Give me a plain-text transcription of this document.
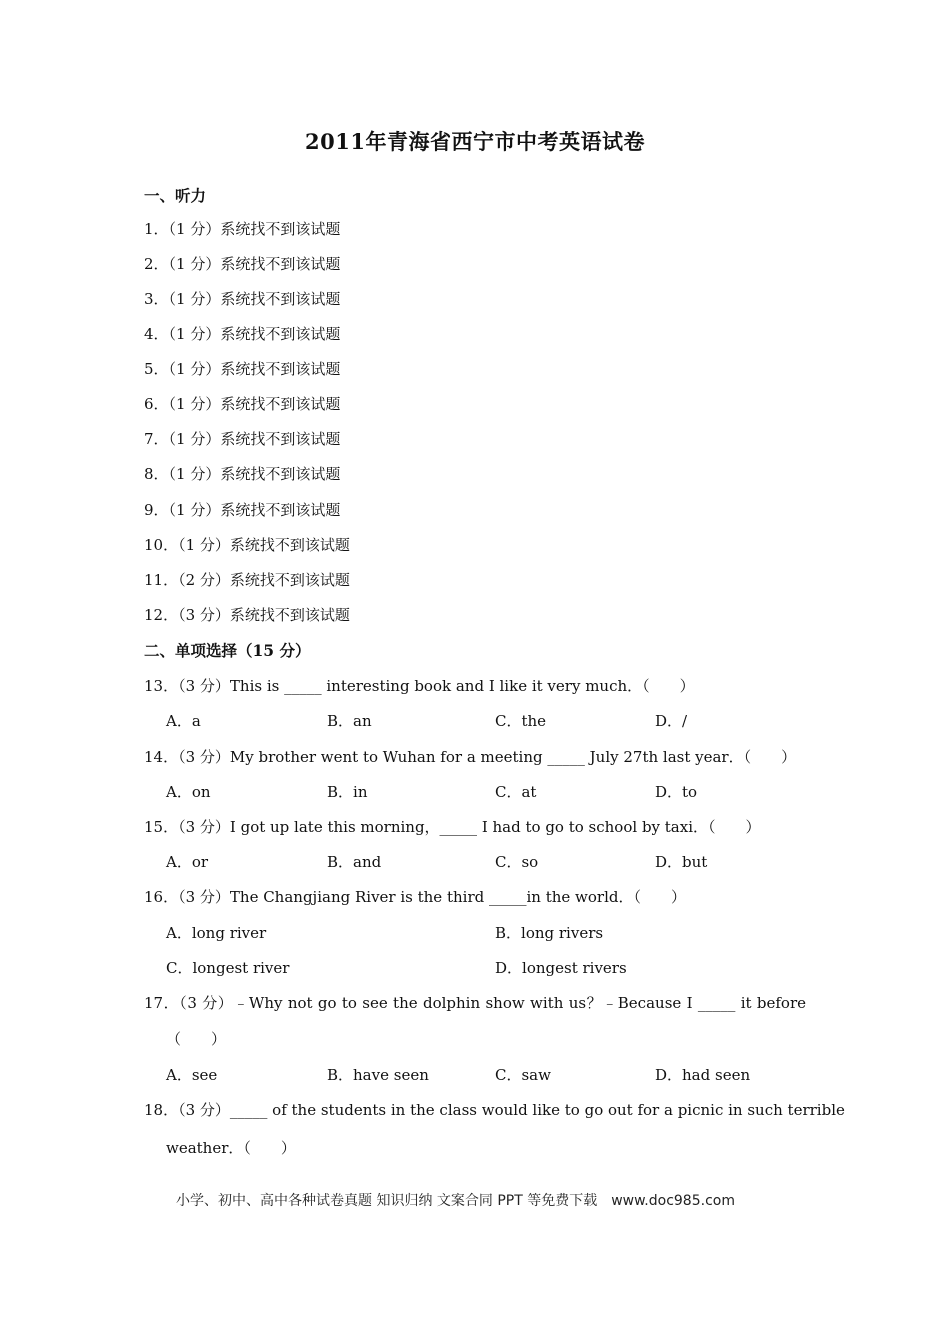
2011年青海省西宁市中考英语试卷
一、听力
1．（1 分）系统找不到该试题
2．（1 分）系统找不到该试题
3．（1 分）系统找不到该试题
4．（1 分）系统找不到该试题
5．（1 分）系统找不到该试题
6．（1 分）系统找不到该试题
7．（1 分）系统找不到该试题
8．（1 分）系统找不到该试题
9．（1 分）系统找不到该试题
10．（1 分）系统找不到该试题
11．（2 分）系统找不到该试题
12．（3 分）系统找不到该试题
二、单项选择（15 分）
13．（3 分）This is _____ interesting book and I like it very much．（　　）
A．a	B．an	C．the	D．/
14．（3 分）My brother went to Wuhan for a meeting _____ July 27th last year．（　　）
A．on	B．in	C．at	D．to
15．（3 分）I got up late this morning，_____ I had to go to school by taxi．（　　）
A．or	B．and	C．so	D．but
16．（3 分）The Changjiang River is the third _____in the world．（　　）
A．long river	B．long rivers
C．longest river	D．longest rivers
17．（3 分）﹣Why not go to see the dolphin show with us？﹣Because I _____ it before
（　　）
A．see	B．have seen	C．saw	D．had seen
18．（3 分）_____ of the students in the class would like to go out for a picnic in such terrible
weather．（　　）
小学、初中、高中各种试卷真题 知识归纳 文案合同 PPT 等免费下载　www.doc985.com
